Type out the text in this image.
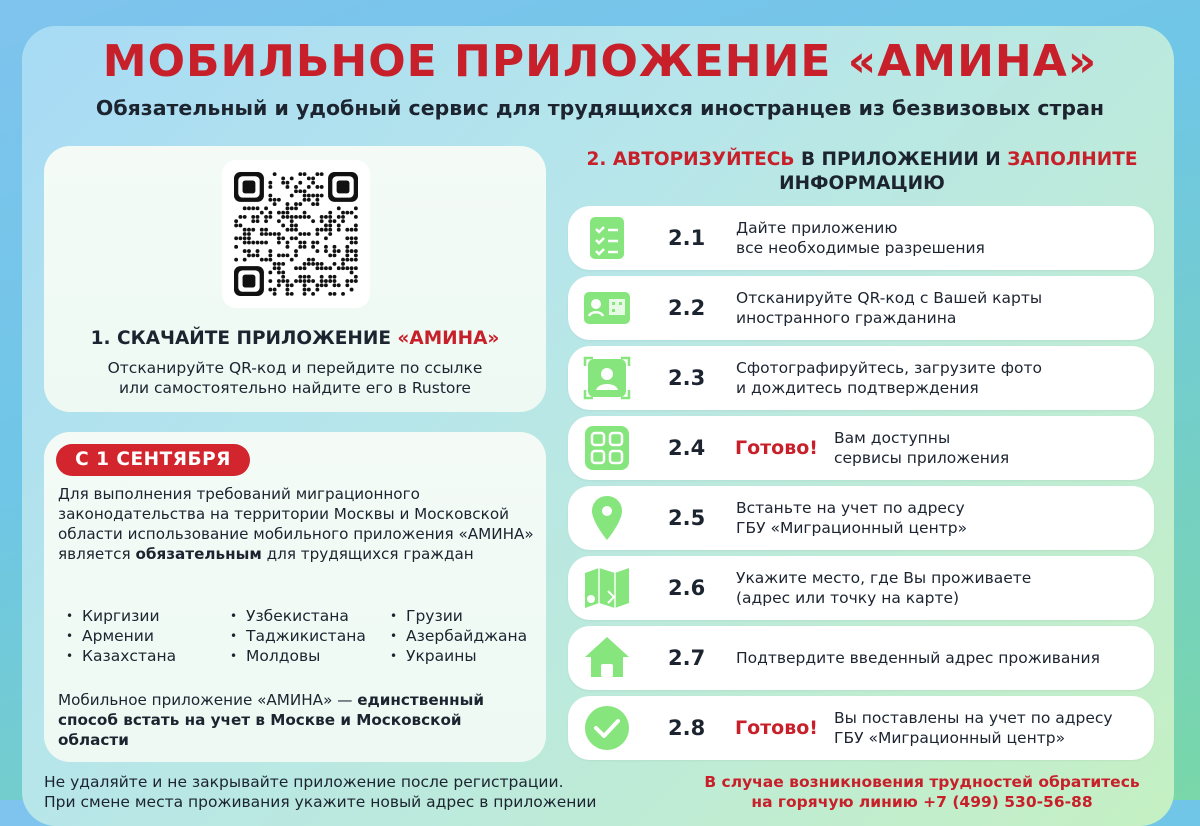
МОБИЛЬНОЕ ПРИЛОЖЕНИЕ «АМИНА»
Обязательный и удобный сервис для трудящихся иностранцев из безвизовых стран
1. СКАЧАЙТЕ ПРИЛОЖЕНИЕ «АМИНА»
Отсканируйте QR-код и перейдите по ссылке
или самостоятельно найдите его в Rustore
С 1 СЕНТЯБРЯ
Для выполнения требований миграционного законодательства на территории Москвы и Московской области использование мобильного приложения «АМИНА» является обязательным для трудящихся граждан
• Киргизии
• Армении
• Казахстана
• Узбекистана
• Таджикистана
• Молдовы
• Грузии
• Азербайджана
• Украины
Мобильное приложение «АМИНА» — единственный способ встать на учет в Москве и Московской области
2. АВТОРИЗУЙТЕСЬ В ПРИЛОЖЕНИИ И ЗАПОЛНИТЕ
ИНФОРМАЦИЮ
2.1 Дайте приложению
все необходимые разрешения
2.2 Отсканируйте QR-код с Вашей карты
иностранного гражданина
2.3 Сфотографируйтесь, загрузите фото
и дождитесь подтверждения
2.4 Готово! Вам доступны
сервисы приложения
2.5 Встаньте на учет по адресу
ГБУ «Миграционный центр»
2.6 Укажите место, где Вы проживаете
(адрес или точку на карте)
2.7 Подтвердите введенный адрес проживания
2.8 Готово! Вы поставлены на учет по адресу
ГБУ «Миграционный центр»
Не удаляйте и не закрывайте приложение после регистрации.
При смене места проживания укажите новый адрес в приложении
В случае возникновения трудностей обратитесь
на горячую линию +7 (499) 530-56-88
